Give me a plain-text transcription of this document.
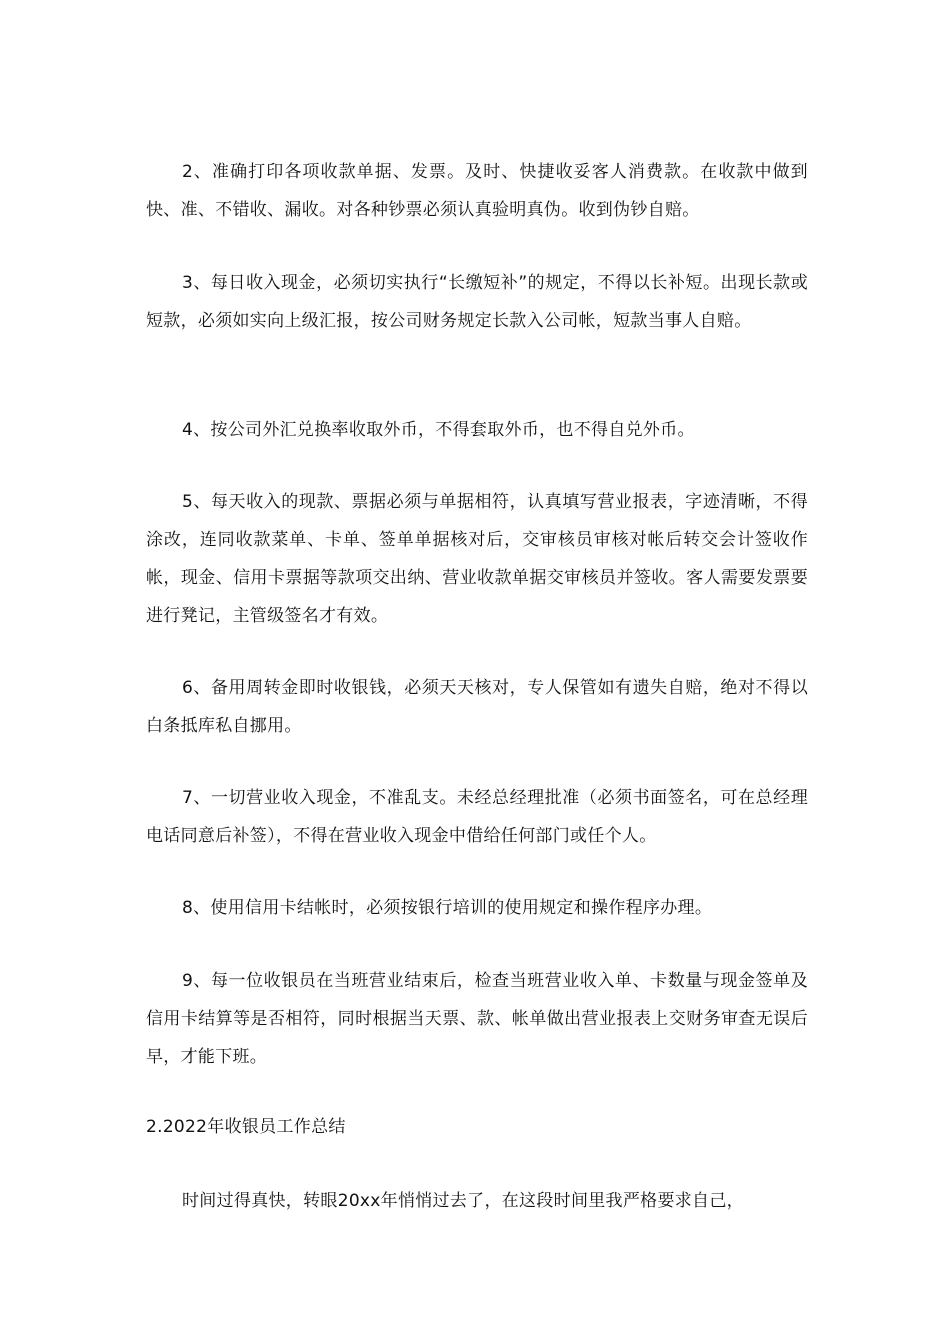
2、准确打印各项收款单据、发票。及时、快捷收妥客人消费款。在收款中做到快、准、不错收、漏收。对各种钞票必须认真验明真伪。收到伪钞自赔。

3、每日收入现金，必须切实执行“长缴短补”的规定，不得以长补短。出现长款或短款，必须如实向上级汇报，按公司财务规定长款入公司帐，短款当事人自赔。

4、按公司外汇兑换率收取外币，不得套取外币，也不得自兑外币。

5、每天收入的现款、票据必须与单据相符，认真填写营业报表，字迹清晰，不得涂改，连同收款菜单、卡单、签单单据核对后，交审核员审核对帐后转交会计签收作帐，现金、信用卡票据等款项交出纳、营业收款单据交审核员并签收。客人需要发票要进行凳记，主管级签名才有效。

6、备用周转金即时收银钱，必须天天核对，专人保管如有遗失自赔，绝对不得以白条抵库私自挪用。

7、一切营业收入现金，不准乱支。未经总经理批准（必须书面签名，可在总经理电话同意后补签），不得在营业收入现金中借给任何部门或任个人。

8、使用信用卡结帐时，必须按银行培训的使用规定和操作程序办理。

9、每一位收银员在当班营业结束后，检查当班营业收入单、卡数量与现金签单及信用卡结算等是否相符，同时根据当天票、款、帐单做出营业报表上交财务审查无误后早，才能下班。

2.2022年收银员工作总结

时间过得真快，转眼20xx年悄悄过去了，在这段时间里我严格要求自己，
